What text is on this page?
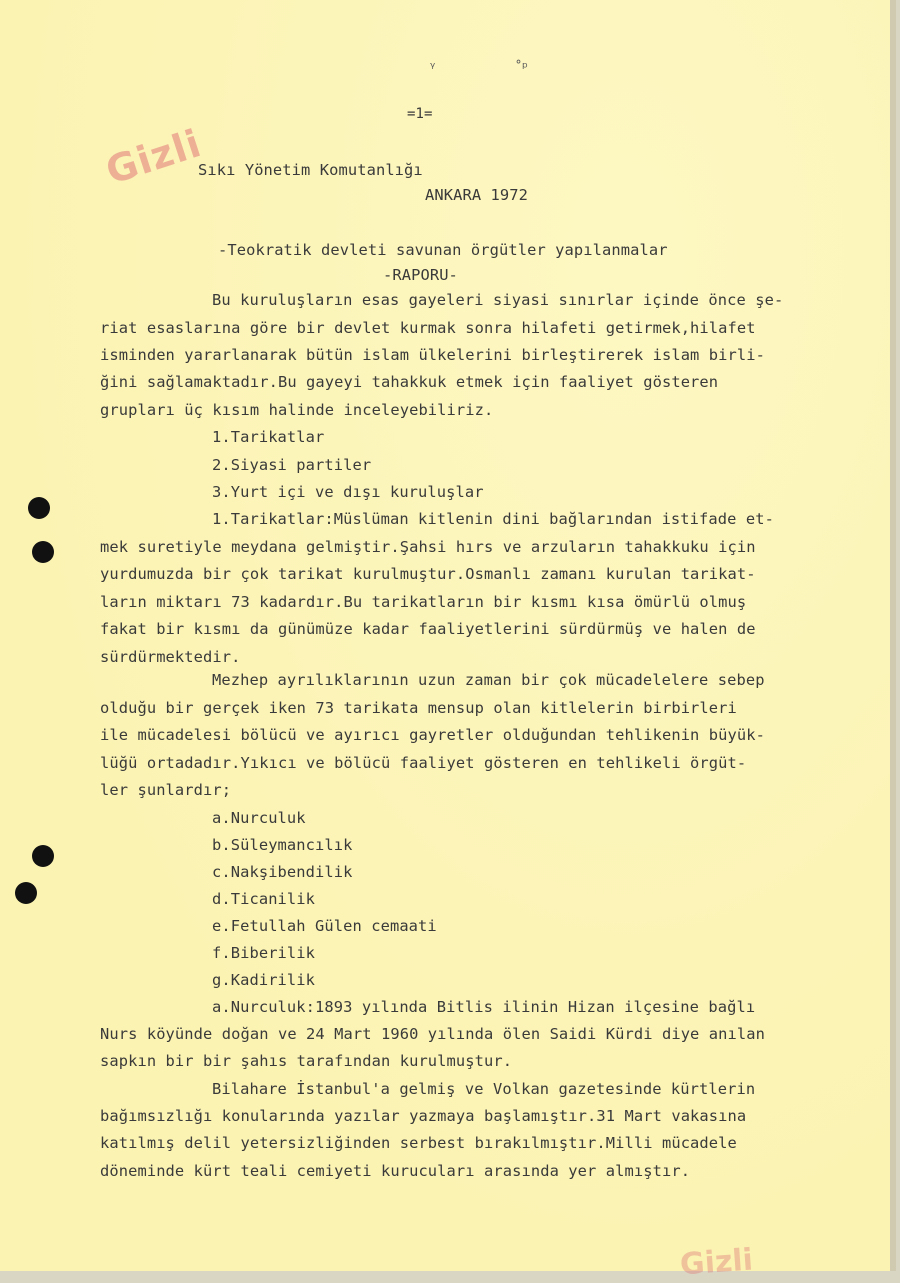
ᵞ	˚ᵖ
Gizli
=1=
Sıkı Yönetim Komutanlığı
ANKARA 1972
-Teokratik devleti savunan örgütler yapılanmalar
-RAPORU-
Bu kuruluşların esas gayeleri siyasi sınırlar içinde önce şe-
riat esaslarına göre bir devlet kurmak sonra hilafeti getirmek,hilafet
isminden yararlanarak bütün islam ülkelerini birleştirerek islam birli-
ğini sağlamaktadır.Bu gayeyi tahakkuk etmek için faaliyet gösteren
grupları üç kısım halinde inceleyebiliriz.
1.Tarikatlar
2.Siyasi partiler
3.Yurt içi ve dışı kuruluşlar
1.Tarikatlar:Müslüman kitlenin dini bağlarından istifade et-
mek suretiyle meydana gelmiştir.Şahsi hırs ve arzuların tahakkuku için
yurdumuzda bir çok tarikat kurulmuştur.Osmanlı zamanı kurulan tarikat-
ların miktarı 73 kadardır.Bu tarikatların bir kısmı kısa ömürlü olmuş
fakat bir kısmı da günümüze kadar faaliyetlerini sürdürmüş ve halen de
sürdürmektedir.
Mezhep ayrılıklarının uzun zaman bir çok mücadelelere sebep
olduğu bir gerçek iken 73 tarikata mensup olan kitlelerin birbirleri
ile mücadelesi bölücü ve ayırıcı gayretler olduğundan tehlikenin büyük-
lüğü ortadadır.Yıkıcı ve bölücü faaliyet gösteren en tehlikeli örgüt-
ler şunlardır;
a.Nurculuk
b.Süleymancılık
c.Nakşibendilik
d.Ticanilik
e.Fetullah Gülen cemaati
f.Biberilik
g.Kadirilik
a.Nurculuk:1893 yılında Bitlis ilinin Hizan ilçesine bağlı
Nurs köyünde doğan ve 24 Mart 1960 yılında ölen Saidi Kürdi diye anılan
sapkın bir bir şahıs tarafından kurulmuştur.
Bilahare İstanbul'a gelmiş ve Volkan gazetesinde kürtlerin
bağımsızlığı konularında yazılar yazmaya başlamıştır.31 Mart vakasına
katılmış delil yetersizliğinden serbest bırakılmıştır.Milli mücadele
döneminde kürt teali cemiyeti kurucuları arasında yer almıştır.
Gizli
